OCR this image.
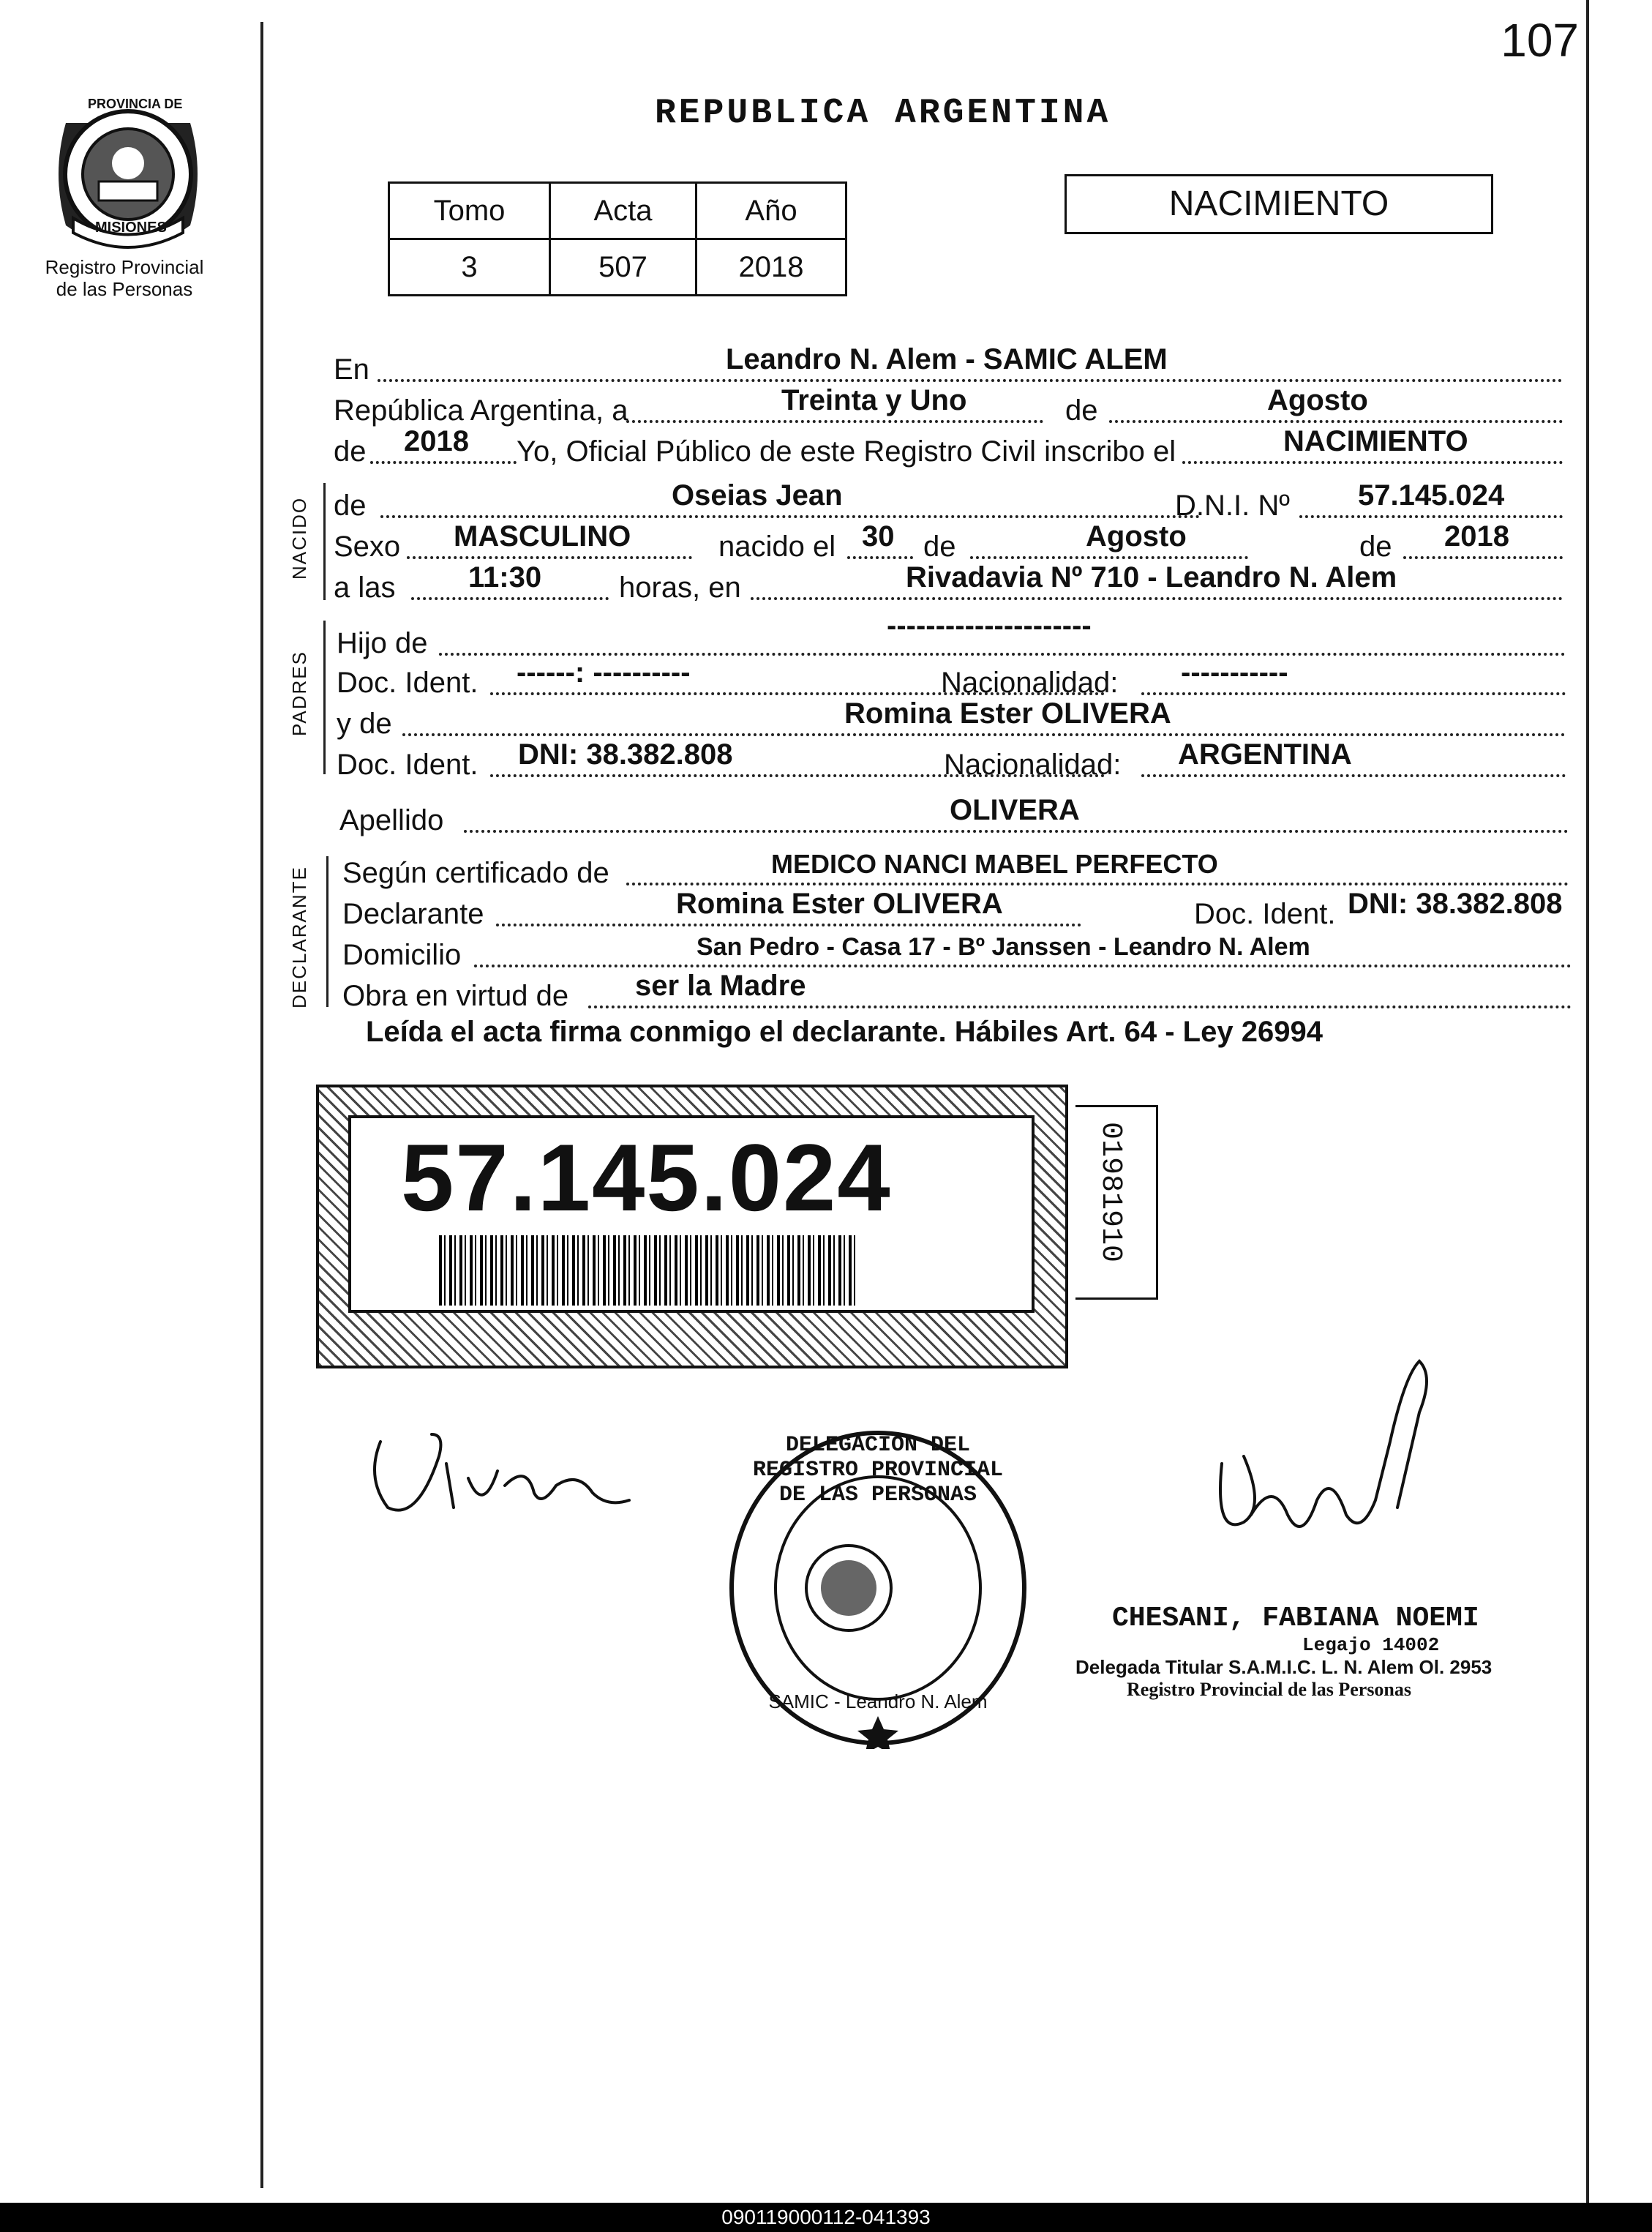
107
PROVINCIA DE
MISIONES
Registro Provincial
de las Personas
REPUBLICA ARGENTINA
Tomo	Acta	Año
3	507	2018
NACIMIENTO
En	Leandro N. Alem - SAMIC ALEM
República Argentina, a	Treinta y Uno	de	Agosto
de 2018 Yo, Oficial Público de este Registro Civil inscribo el	NACIMIENTO
NACIDO de	Oseias Jean	D.N.I. Nº 57.145.024
Sexo MASCULINO	nacido el 30 de	Agosto	de 2018
a las 11:30	horas, en	Rivadavia Nº 710 - Leandro N. Alem
PADRES
Hijo de
---------------------
Doc. Ident. ------: ----------	Nacionalidad: -----------
y de	Romina Ester OLIVERA
Doc. Ident. DNI: 38.382.808	Nacionalidad: ARGENTINA
Apellido	OLIVERA
DECLARANTE Según certificado de	MEDICO NANCI MABEL PERFECTO
Declarante	Romina Ester OLIVERA	Doc. Ident. DNI: 38.382.808
Domicilio	San Pedro - Casa 17 - Bº Janssen - Leandro N. Alem
Obra en virtud de ser la Madre
Leída el acta firma conmigo el declarante. Hábiles Art. 64 - Ley 26994
57.145.024	01981910
DELEGACION DEL REGISTRO PROVINCIAL DE LAS PERSONAS
SAMIC - Leandro N. Alem
CHESANI, FABIANA NOEMI
Legajo 14002
Delegada Titular S.A.M.I.C. L. N. Alem Ol. 2953
Registro Provincial de las Personas
090119000112-041393
